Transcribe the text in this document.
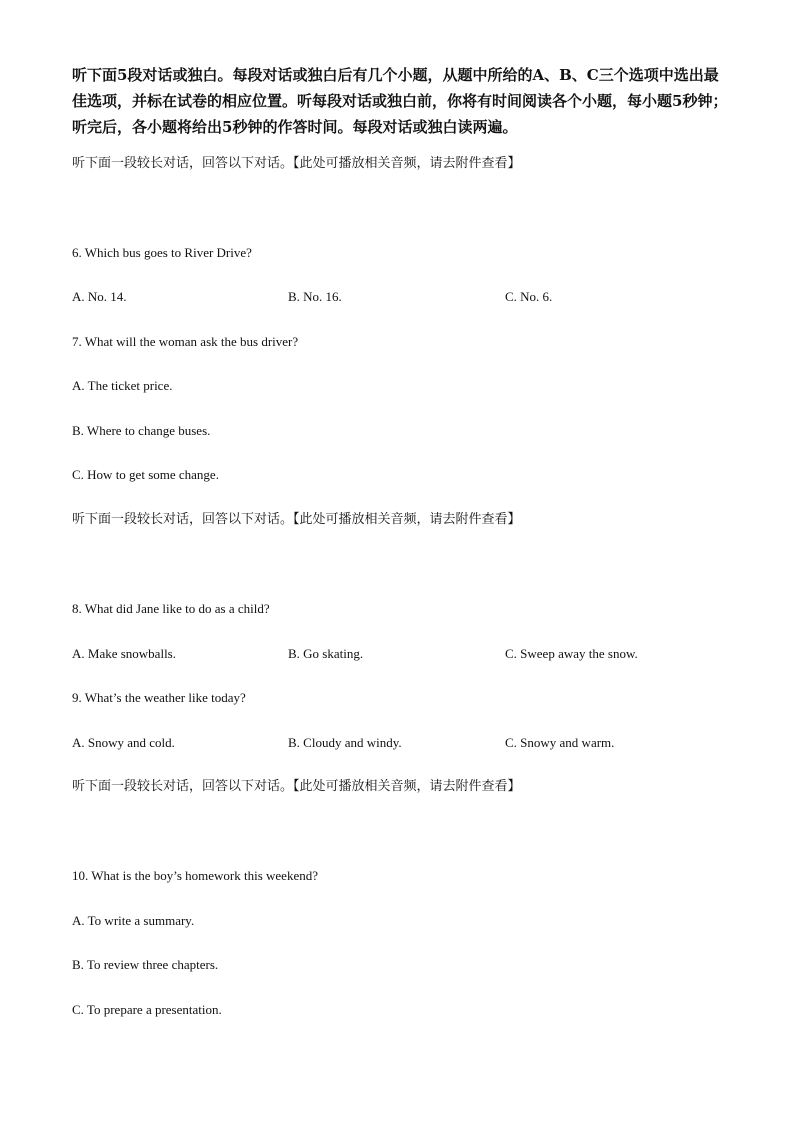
听下面5段对话或独白。每段对话或独白后有几个小题，从题中所给的A、B、C三个选项中选出最佳选项，并标在试卷的相应位置。听每段对话或独白前，你将有时间阅读各个小题，每小题5秒钟；听完后，各小题将给出5秒钟的作答时间。每段对话或独白读两遍。

听下面一段较长对话，回答以下对话。【此处可播放相关音频，请去附件查看】

6. Which bus goes to River Drive?

A. No. 14.	B. No. 16.	C. No. 6.

7. What will the woman ask the bus driver?

A. The ticket price.

B. Where to change buses.

C. How to get some change.

听下面一段较长对话，回答以下对话。【此处可播放相关音频，请去附件查看】

8. What did Jane like to do as a child?

A. Make snowballs.	B. Go skating.	C. Sweep away the snow.

9. What’s the weather like today?

A. Snowy and cold.	B. Cloudy and windy.	C. Snowy and warm.

听下面一段较长对话，回答以下对话。【此处可播放相关音频，请去附件查看】

10. What is the boy’s homework this weekend?

A. To write a summary.

B. To review three chapters.

C. To prepare a presentation.
